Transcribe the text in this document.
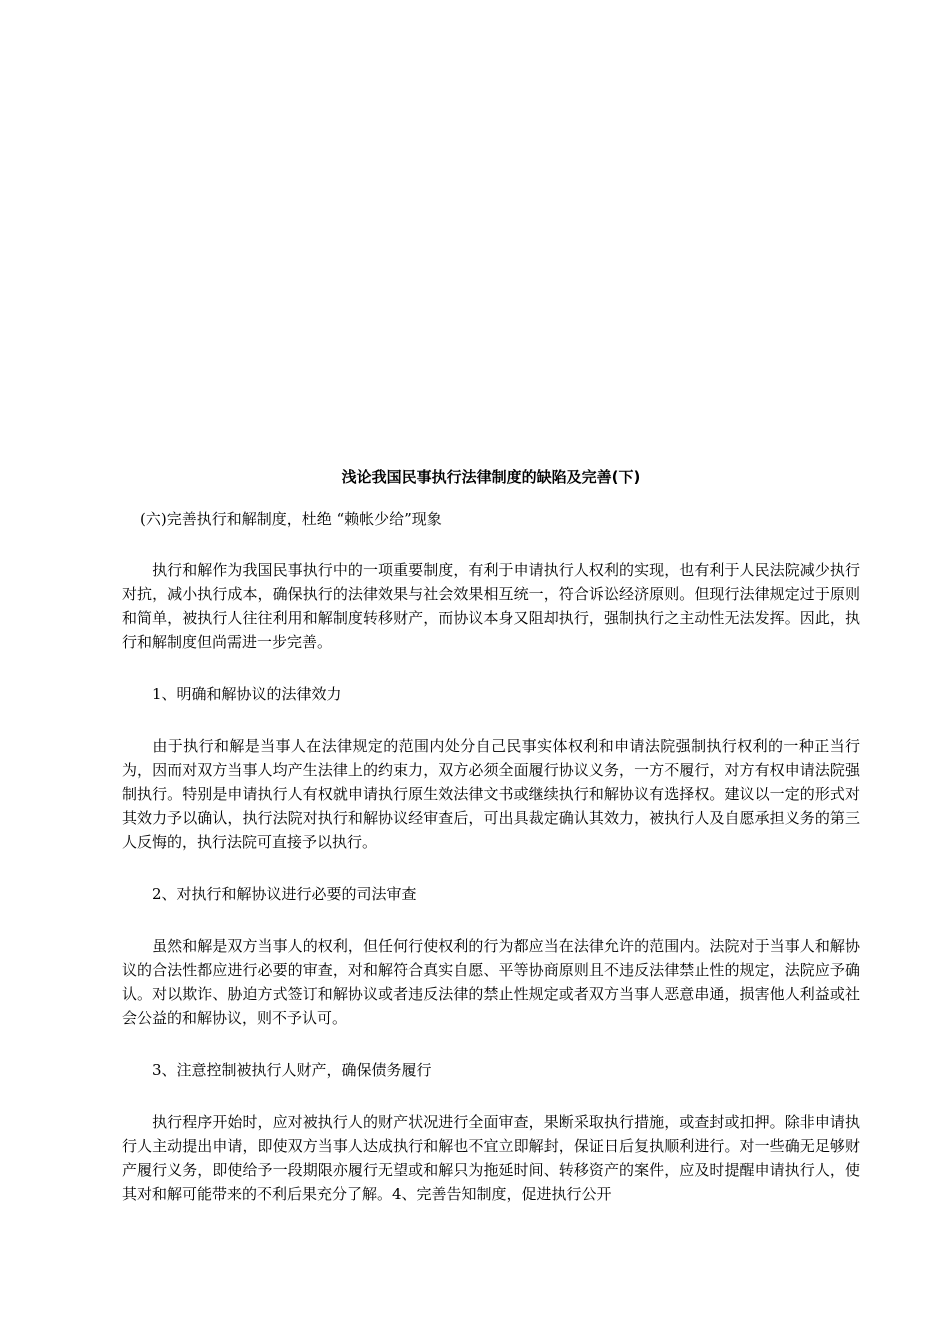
浅论我国民事执行法律制度的缺陷及完善(下)
(六)完善执行和解制度，杜绝 “赖帐少给”现象
执行和解作为我国民事执行中的一项重要制度，有利于申请执行人权利的实现，也有利于人民法院减少执行对抗，减小执行成本，确保执行的法律效果与社会效果相互统一，符合诉讼经济原则。但现行法律规定过于原则和简单，被执行人往往利用和解制度转移财产，而协议本身又阻却执行，强制执行之主动性无法发挥。因此，执行和解制度但尚需进一步完善。
1、明确和解协议的法律效力
由于执行和解是当事人在法律规定的范围内处分自己民事实体权利和申请法院强制执行权利的一种正当行为，因而对双方当事人均产生法律上的约束力，双方必须全面履行协议义务，一方不履行，对方有权申请法院强制执行。特别是申请执行人有权就申请执行原生效法律文书或继续执行和解协议有选择权。建议以一定的形式对其效力予以确认，执行法院对执行和解协议经审查后，可出具裁定确认其效力，被执行人及自愿承担义务的第三人反悔的，执行法院可直接予以执行。
2、对执行和解协议进行必要的司法审查
虽然和解是双方当事人的权利，但任何行使权利的行为都应当在法律允许的范围内。法院对于当事人和解协议的合法性都应进行必要的审查，对和解符合真实自愿、平等协商原则且不违反法律禁止性的规定，法院应予确认。对以欺诈、胁迫方式签订和解协议或者违反法律的禁止性规定或者双方当事人恶意串通，损害他人利益或社会公益的和解协议，则不予认可。
3、注意控制被执行人财产，确保债务履行
执行程序开始时，应对被执行人的财产状况进行全面审查，果断采取执行措施，或查封或扣押。除非申请执行人主动提出申请，即使双方当事人达成执行和解也不宜立即解封，保证日后复执顺利进行。对一些确无足够财产履行义务，即使给予一段期限亦履行无望或和解只为拖延时间、转移资产的案件，应及时提醒申请执行人，使其对和解可能带来的不利后果充分了解。4、完善告知制度，促进执行公开
